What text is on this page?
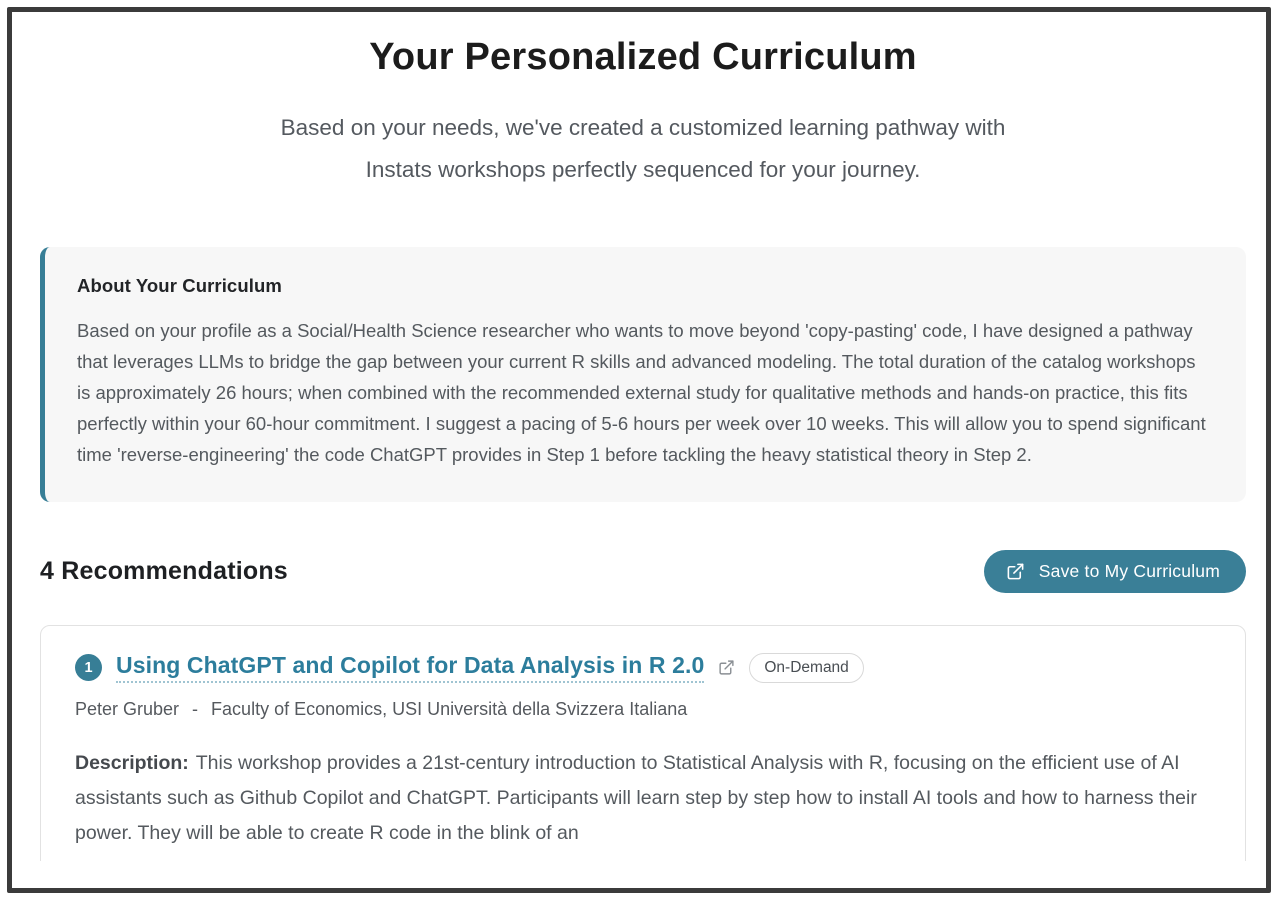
Your Personalized Curriculum

Based on your needs, we've created a customized learning pathway with
Instats workshops perfectly sequenced for your journey.

About Your Curriculum

Based on your profile as a Social/Health Science researcher who wants to move beyond 'copy-pasting' code, I have designed a pathway that leverages LLMs to bridge the gap between your current R skills and advanced modeling. The total duration of the catalog workshops is approximately 26 hours; when combined with the recommended external study for qualitative methods and hands-on practice, this fits perfectly within your 60-hour commitment. I suggest a pacing of 5-6 hours per week over 10 weeks. This will allow you to spend significant time 'reverse-engineering' the code ChatGPT provides in Step 1 before tackling the heavy statistical theory in Step 2.

4 Recommendations	Save to My Curriculum
1	Using ChatGPT and Copilot for Data Analysis in R 2.0	On-Demand
Peter Gruber - Faculty of Economics, USI Università della Svizzera Italiana

Description: This workshop provides a 21st-century introduction to Statistical Analysis with R, focusing on the efficient use of AI assistants such as Github Copilot and ChatGPT. Participants will learn step by step how to install AI tools and how to harness their power. They will be able to create R code in the blink of an
